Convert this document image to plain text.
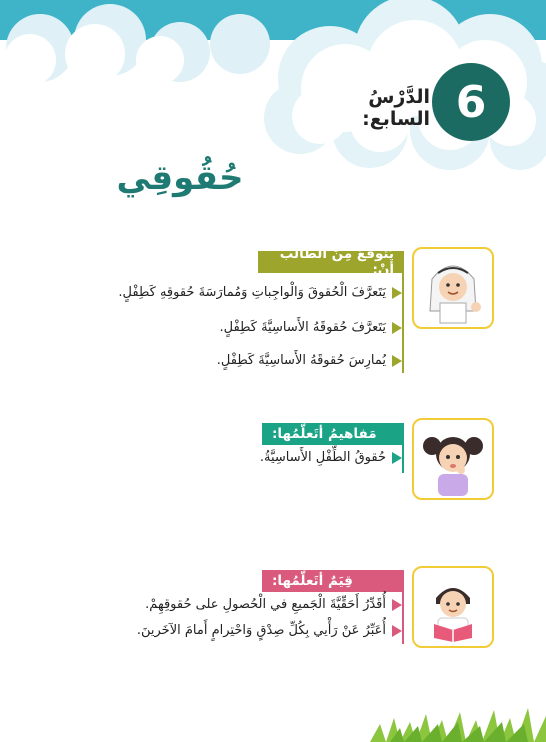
6
الدَّرْسُ السابع:
حُقُوقِي
يَتوقَّعُ مِنَ الطَّالب أنْ:
يَتَعرَّفَ الْحُقوقَ وَالْواجِباتِ وَمُمارَسَةَ حُقوقِهِ كَطِفْلٍ.
يَتَعرَّفَ حُقوقَهُ الأَساسِيَّةَ كَطِفْلٍ.
يُمارِسَ حُقوقَهُ الأَساسِيَّةَ كَطِفْلٍ.
مَفاهيمُ أتَعلَّمُها:
حُقوقُ الطِّفْلِ الأَساسِيَّةُ.
قِيَمٌ أتَعلَّمُها:
أُقَدِّرُ أَحَقِّيَّةَ الْجَميعِ في الْحُصولِ على حُقوقِهِمْ.
أُعَبِّرُ عَنْ رَأْيي بِكُلِّ صِدْقٍ وَاحْتِرامٍ أَمامَ الآخَرينَ.
